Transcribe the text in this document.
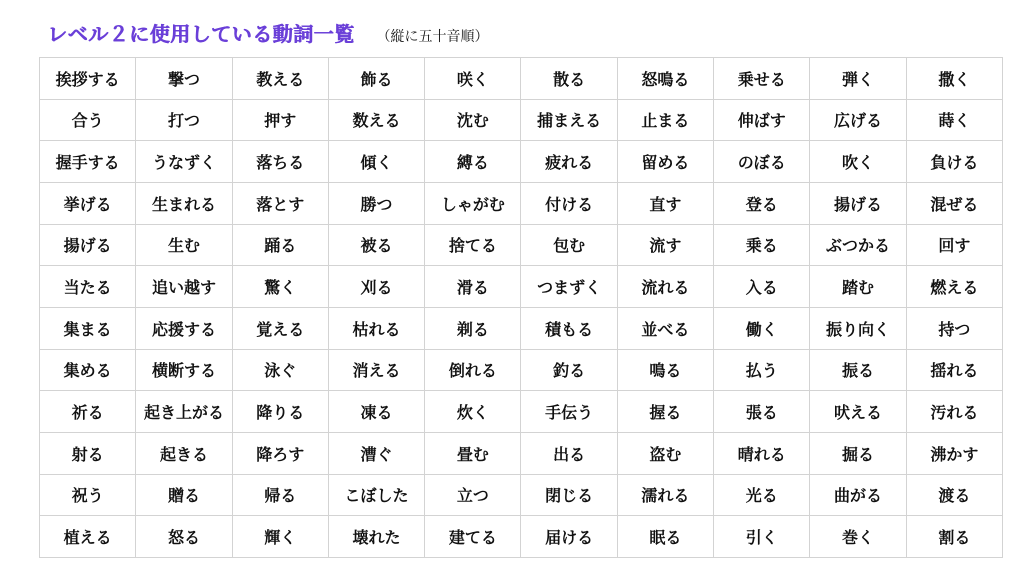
レベル２に使用している動詞一覧 （縦に五十音順）
挨拶する	撃つ	教える	飾る	咲く	散る	怒鳴る	乗せる	弾く	撒く
合う	打つ	押す	数える	沈む	捕まえる	止まる	伸ばす	広げる	蒔く
握手する	うなずく	落ちる	傾く	縛る	疲れる	留める	のぼる	吹く	負ける
挙げる	生まれる	落とす	勝つ	しゃがむ	付ける	直す	登る	揚げる	混ぜる
揚げる	生む	踊る	被る	捨てる	包む	流す	乗る	ぶつかる	回す
当たる	追い越す	驚く	刈る	滑る	つまずく	流れる	入る	踏む	燃える
集まる	応援する	覚える	枯れる	剃る	積もる	並べる	働く	振り向く	持つ
集める	横断する	泳ぐ	消える	倒れる	釣る	鳴る	払う	振る	揺れる
祈る	起き上がる	降りる	凍る	炊く	手伝う	握る	張る	吠える	汚れる
射る	起きる	降ろす	漕ぐ	畳む	出る	盗む	晴れる	掘る	沸かす
祝う	贈る	帰る	こぼした	立つ	閉じる	濡れる	光る	曲がる	渡る
植える	怒る	輝く	壊れた	建てる	届ける	眠る	引く	巻く	割る
